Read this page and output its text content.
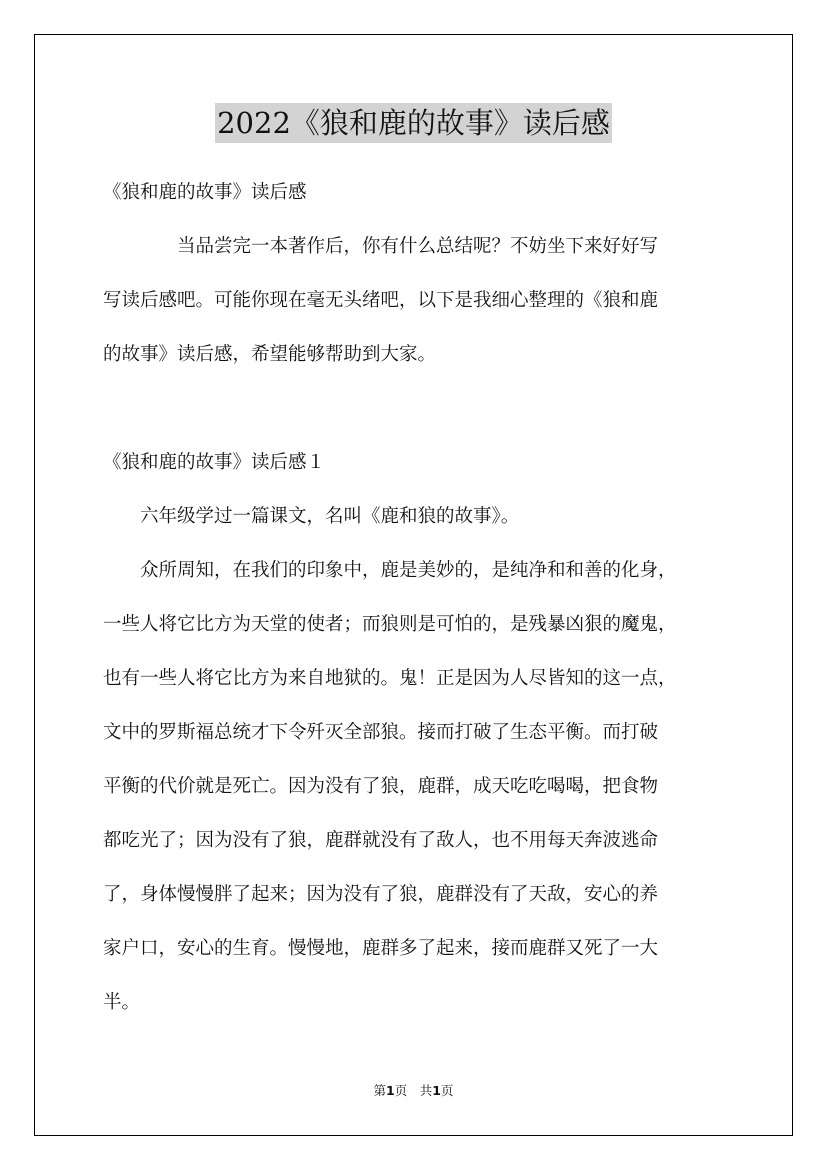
2022《狼和鹿的故事》读后感

《狼和鹿的故事》读后感

　　　　当品尝完一本著作后，你有什么总结呢？不妨坐下来好好写
写读后感吧。可能你现在毫无头绪吧，以下是我细心整理的《狼和鹿
的故事》读后感，希望能够帮助到大家。

《狼和鹿的故事》读后感１

　　六年级学过一篇课文，名叫《鹿和狼的故事》。

　　众所周知，在我们的印象中，鹿是美妙的，是纯净和和善的化身，
一些人将它比方为天堂的使者；而狼则是可怕的，是残暴凶狠的魔鬼，
也有一些人将它比方为来自地狱的。鬼！正是因为人尽皆知的这一点，
文中的罗斯福总统才下令歼灭全部狼。接而打破了生态平衡。而打破
平衡的代价就是死亡。因为没有了狼，鹿群，成天吃吃喝喝，把食物
都吃光了；因为没有了狼，鹿群就没有了敌人，也不用每天奔波逃命
了，身体慢慢胖了起来；因为没有了狼，鹿群没有了天敌，安心的养
家户口，安心的生育。慢慢地，鹿群多了起来，接而鹿群又死了一大
半。

第1页　共1页
